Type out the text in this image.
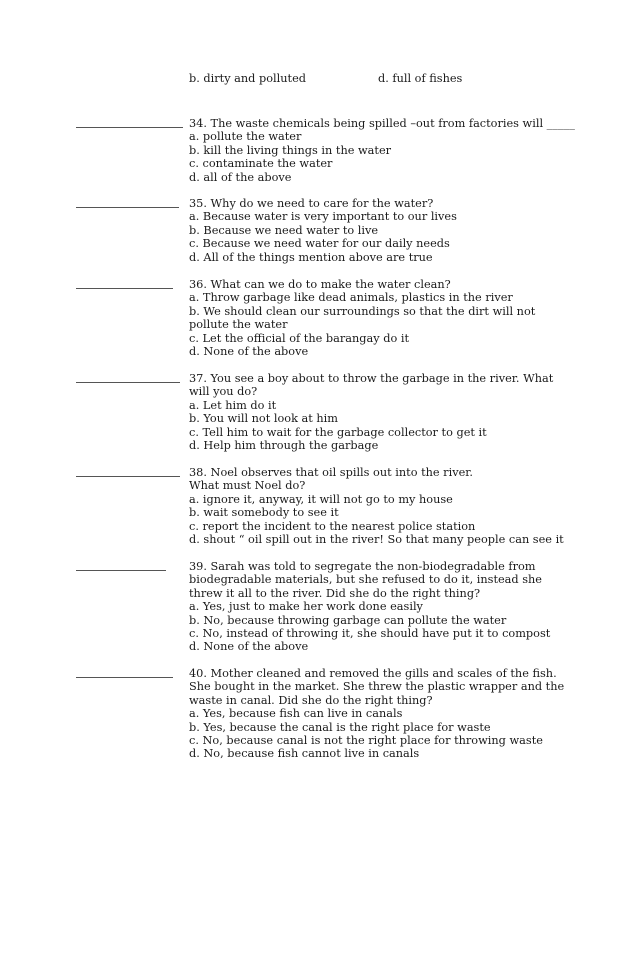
b. dirty and polluted	d. full of fishes
34. The waste chemicals being spilled –out from factories will _____
a. pollute the water
b. kill the living things in the water
c. contaminate the water
d. all of the above
35. Why do we need to care for the water?
a. Because water is very important to our lives
b. Because we need water to live
c. Because we need water for our daily needs
d. All of the things mention above are true
36. What can we do to make the water clean?
a. Throw garbage like dead animals, plastics in the river
b. We should clean our surroundings so that the dirt will not
pollute the water
c. Let the official of the barangay do it
d. None of the above
37. You see a boy about to throw the garbage in the river. What
will you do?
a. Let him do it
b. You will not look at him
c. Tell him to wait for the garbage collector to get it
d. Help him through the garbage
38. Noel observes that oil spills out into the river.
What must Noel do?
a. ignore it, anyway, it will not go to my house
b. wait somebody to see it
c. report the incident to the nearest police station
d. shout “ oil spill out in the river! So that many people can see it
39. Sarah was told to segregate the non-biodegradable from
biodegradable materials, but she refused to do it, instead she
threw it all to the river. Did she do the right thing?
a. Yes, just to make her work done easily
b. No, because throwing garbage can pollute the water
c. No, instead of throwing it, she should have put it to compost
d. None of the above
40. Mother cleaned and removed the gills and scales of the fish.
She bought in the market. She threw the plastic wrapper and the
waste in canal. Did she do the right thing?
a. Yes, because fish can live in canals
b. Yes, because the canal is the right place for waste
c. No, because canal is not the right place for throwing waste
d. No, because fish cannot live in canals
